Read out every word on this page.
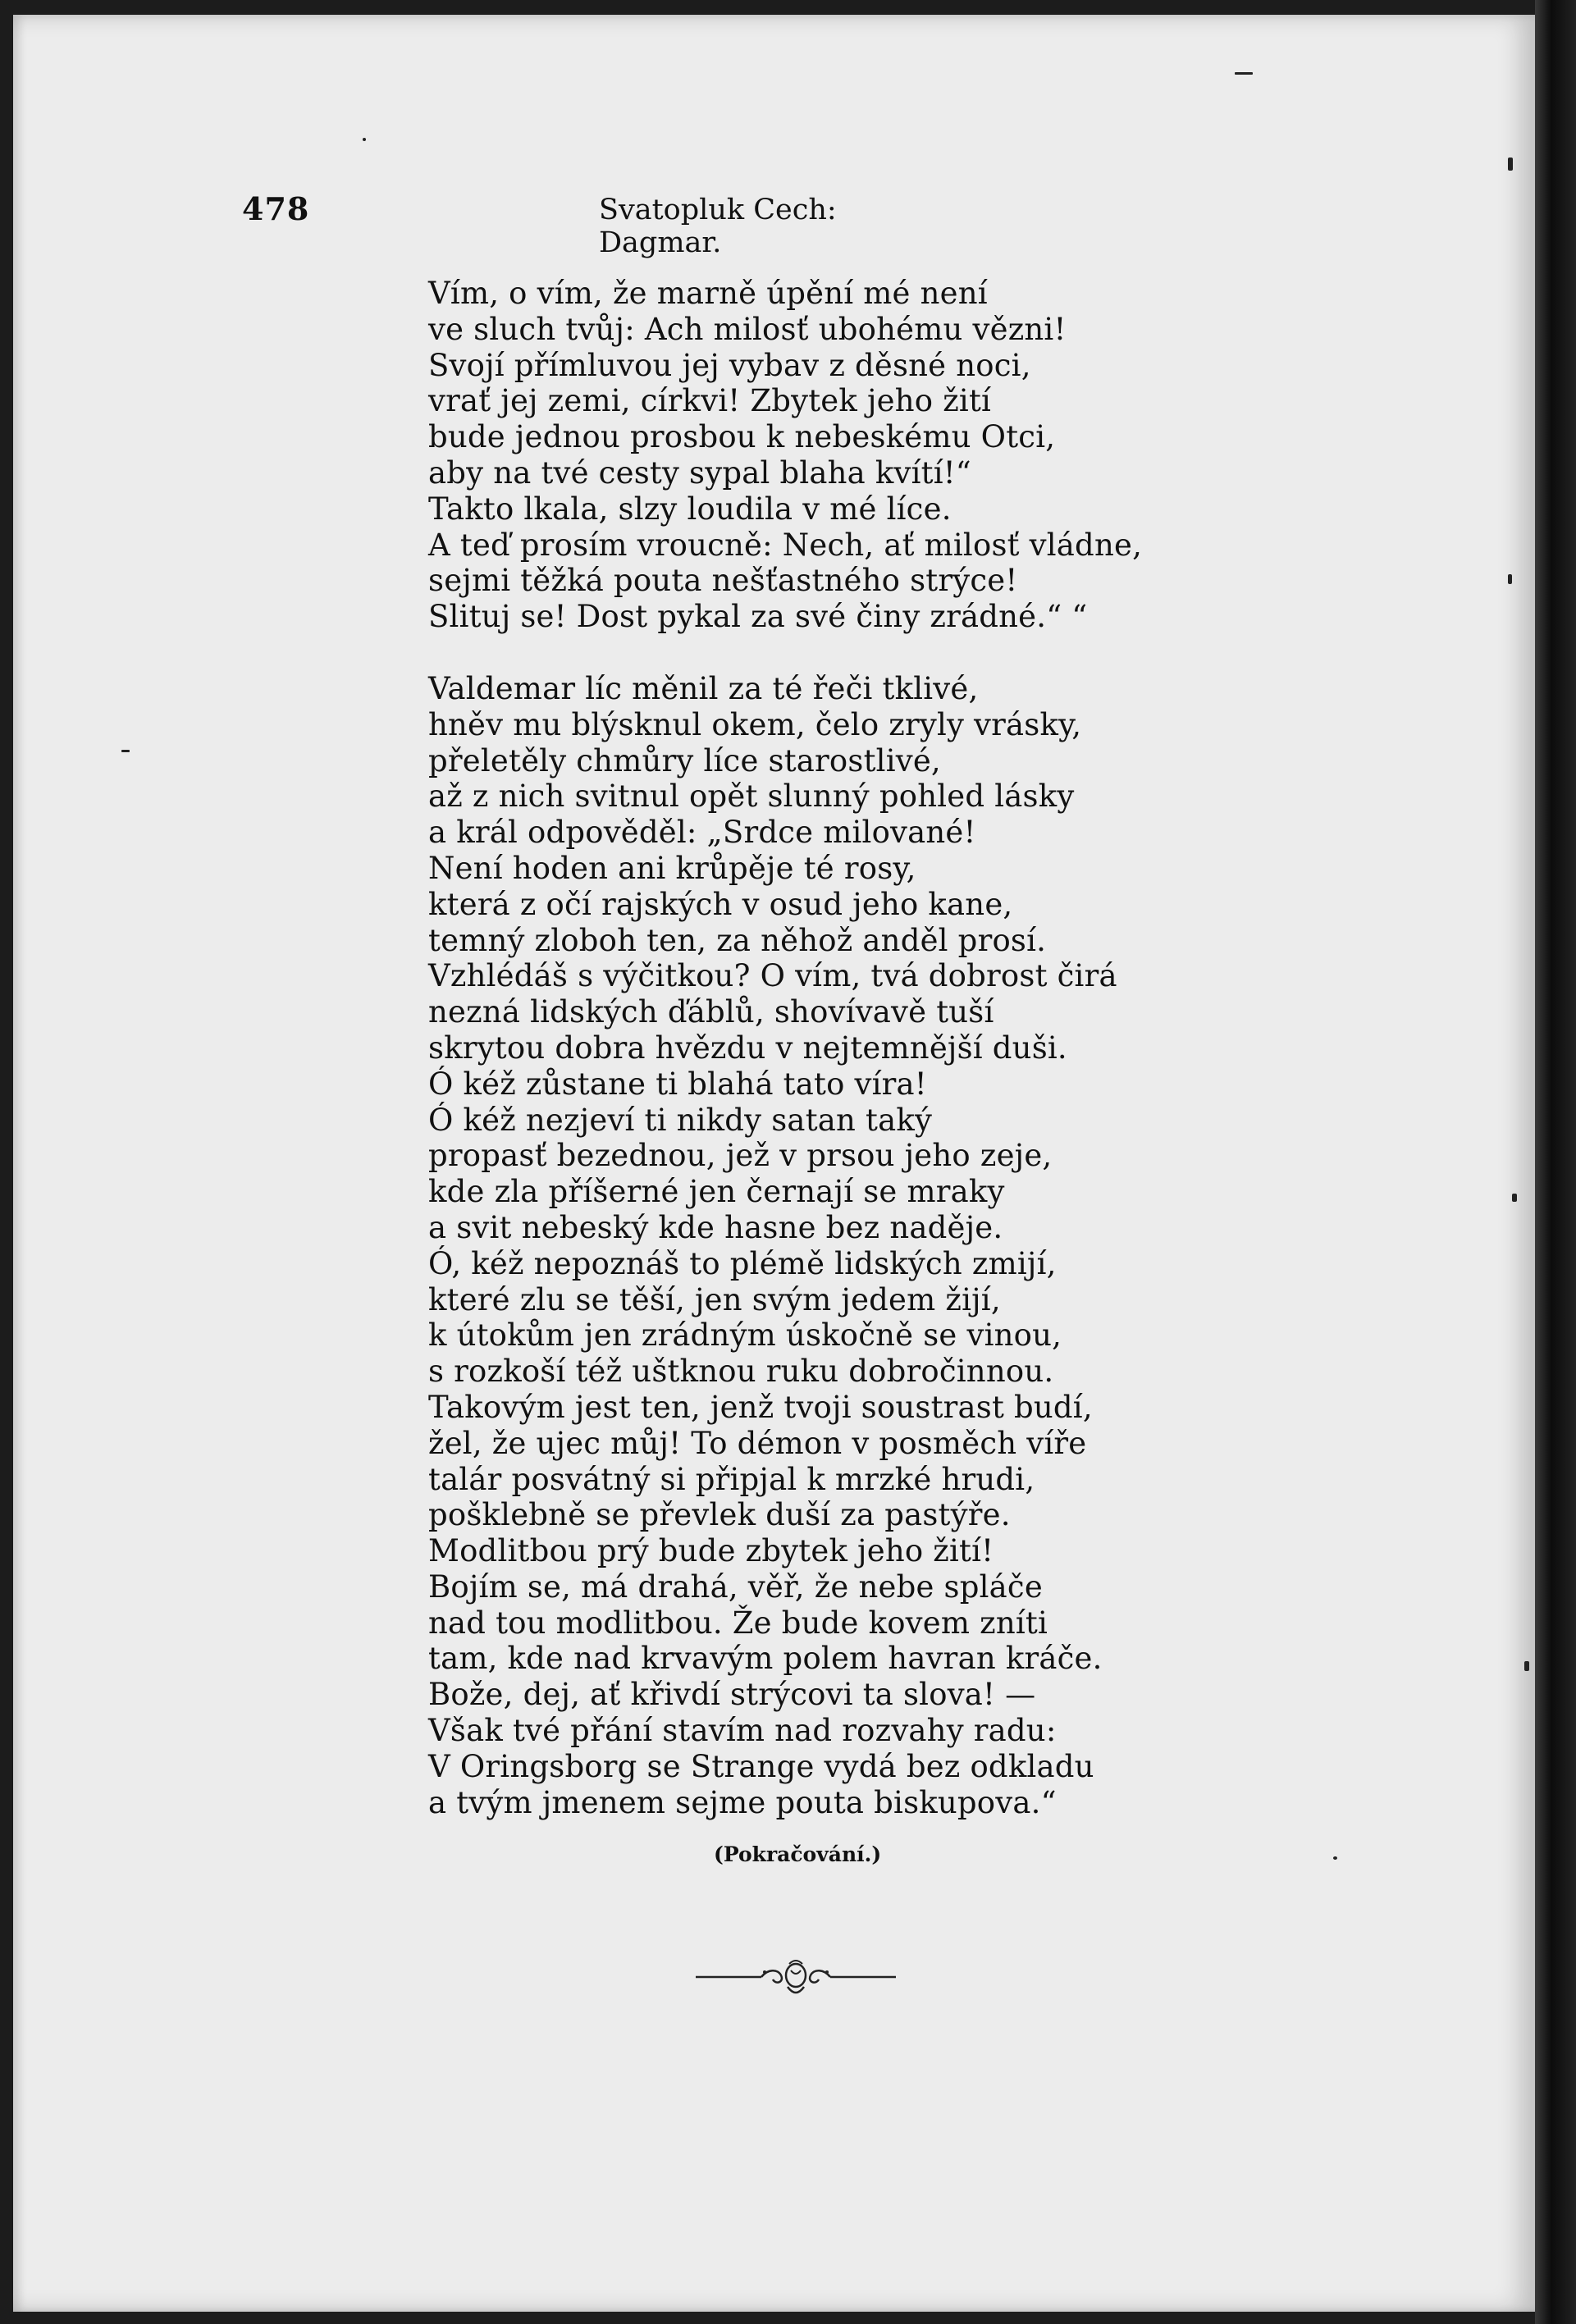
478	Svatopluk Cech: Dagmar.
Vím, o vím, že marně úpění mé není
ve sluch tvůj: Ach milosť ubohému vězni!
Svojí přímluvou jej vybav z děsné noci,
vrať jej zemi, církvi! Zbytek jeho žití
bude jednou prosbou k nebeskému Otci,
aby na tvé cesty sypal blaha kvítí!“
Takto lkala, slzy loudila v mé líce.
A teď prosím vroucně: Nech, ať milosť vládne,
sejmi těžká pouta nešťastného strýce!
Slituj se! Dost pykal za své činy zrádné.“ “
Valdemar líc měnil za té řeči tklivé,
hněv mu blýsknul okem, čelo zryly vrásky,
přeletěly chmůry líce starostlivé,
až z nich svitnul opět slunný pohled lásky
a král odpověděl: „Srdce milované!
Není hoden ani krůpěje té rosy,
která z očí rajských v osud jeho kane,
temný zloboh ten, za něhož anděl prosí.
Vzhlédáš s výčitkou? O vím, tvá dobrost čirá
nezná lidských ďáblů, shovívavě tuší
skrytou dobra hvězdu v nejtemnější duši.
Ó kéž zůstane ti blahá tato víra!
Ó kéž nezjeví ti nikdy satan taký
propasť bezednou, jež v prsou jeho zeje,
kde zla příšerné jen černají se mraky
a svit nebeský kde hasne bez naděje.
Ó, kéž nepoznáš to plémě lidských zmijí,
které zlu se těší, jen svým jedem žijí,
k útokům jen zrádným úskočně se vinou,
s rozkoší též uštknou ruku dobročinnou.
Takovým jest ten, jenž tvoji soustrast budí,
žel, že ujec můj! To démon v posměch víře
talár posvátný si připjal k mrzké hrudi,
pošklebně se převlek duší za pastýře.
Modlitbou prý bude zbytek jeho žití!
Bojím se, má drahá, věř, že nebe spláče
nad tou modlitbou. Že bude kovem zníti
tam, kde nad krvavým polem havran kráče.
Bože, dej, ať křivdí strýcovi ta slova! —
Však tvé přání stavím nad rozvahy radu:
V Oringsborg se Strange vydá bez odkladu
a tvým jmenem sejme pouta biskupova.“
(Pokračování.)
